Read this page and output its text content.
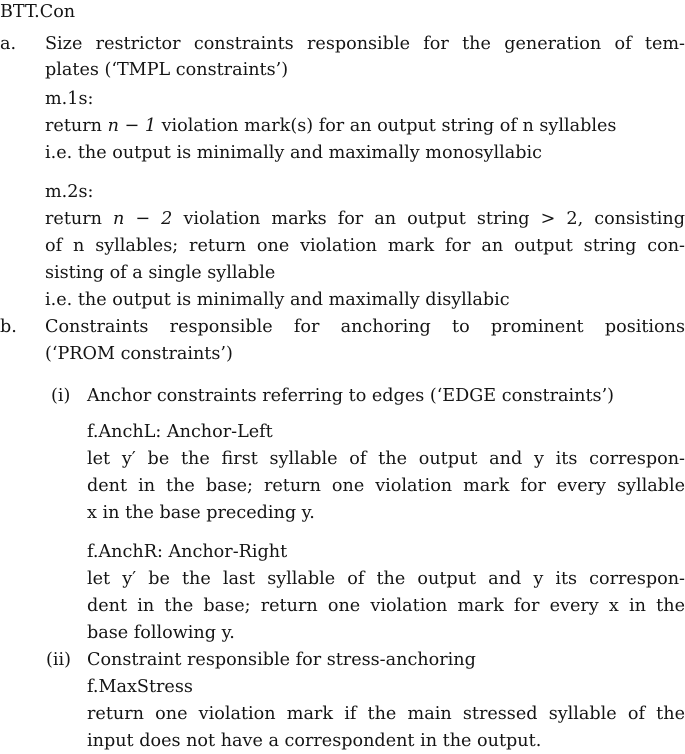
BTT.Con
a. Size restrictor constraints responsible for the generation of tem-
plates (‘TMPL constraints’)
m.1s:
return n − 1 violation mark(s) for an output string of n syllables
i.e. the output is minimally and maximally monosyllabic
m.2s:
return n − 2 violation marks for an output string > 2, consisting
of n syllables; return one violation mark for an output string con-
sisting of a single syllable
i.e. the output is minimally and maximally disyllabic
b. Constraints responsible for anchoring to prominent positions
(‘PROM constraints’)
(i) Anchor constraints referring to edges (‘EDGE constraints’)
f.AnchL: Anchor-Left
let y′ be the first syllable of the output and y its correspon-
dent in the base; return one violation mark for every syllable
x in the base preceding y.
f.AnchR: Anchor-Right
let y′ be the last syllable of the output and y its correspon-
dent in the base; return one violation mark for every x in the
base following y.
(ii) Constraint responsible for stress-anchoring
f.MaxStress
return one violation mark if the main stressed syllable of the
input does not have a correspondent in the output.
